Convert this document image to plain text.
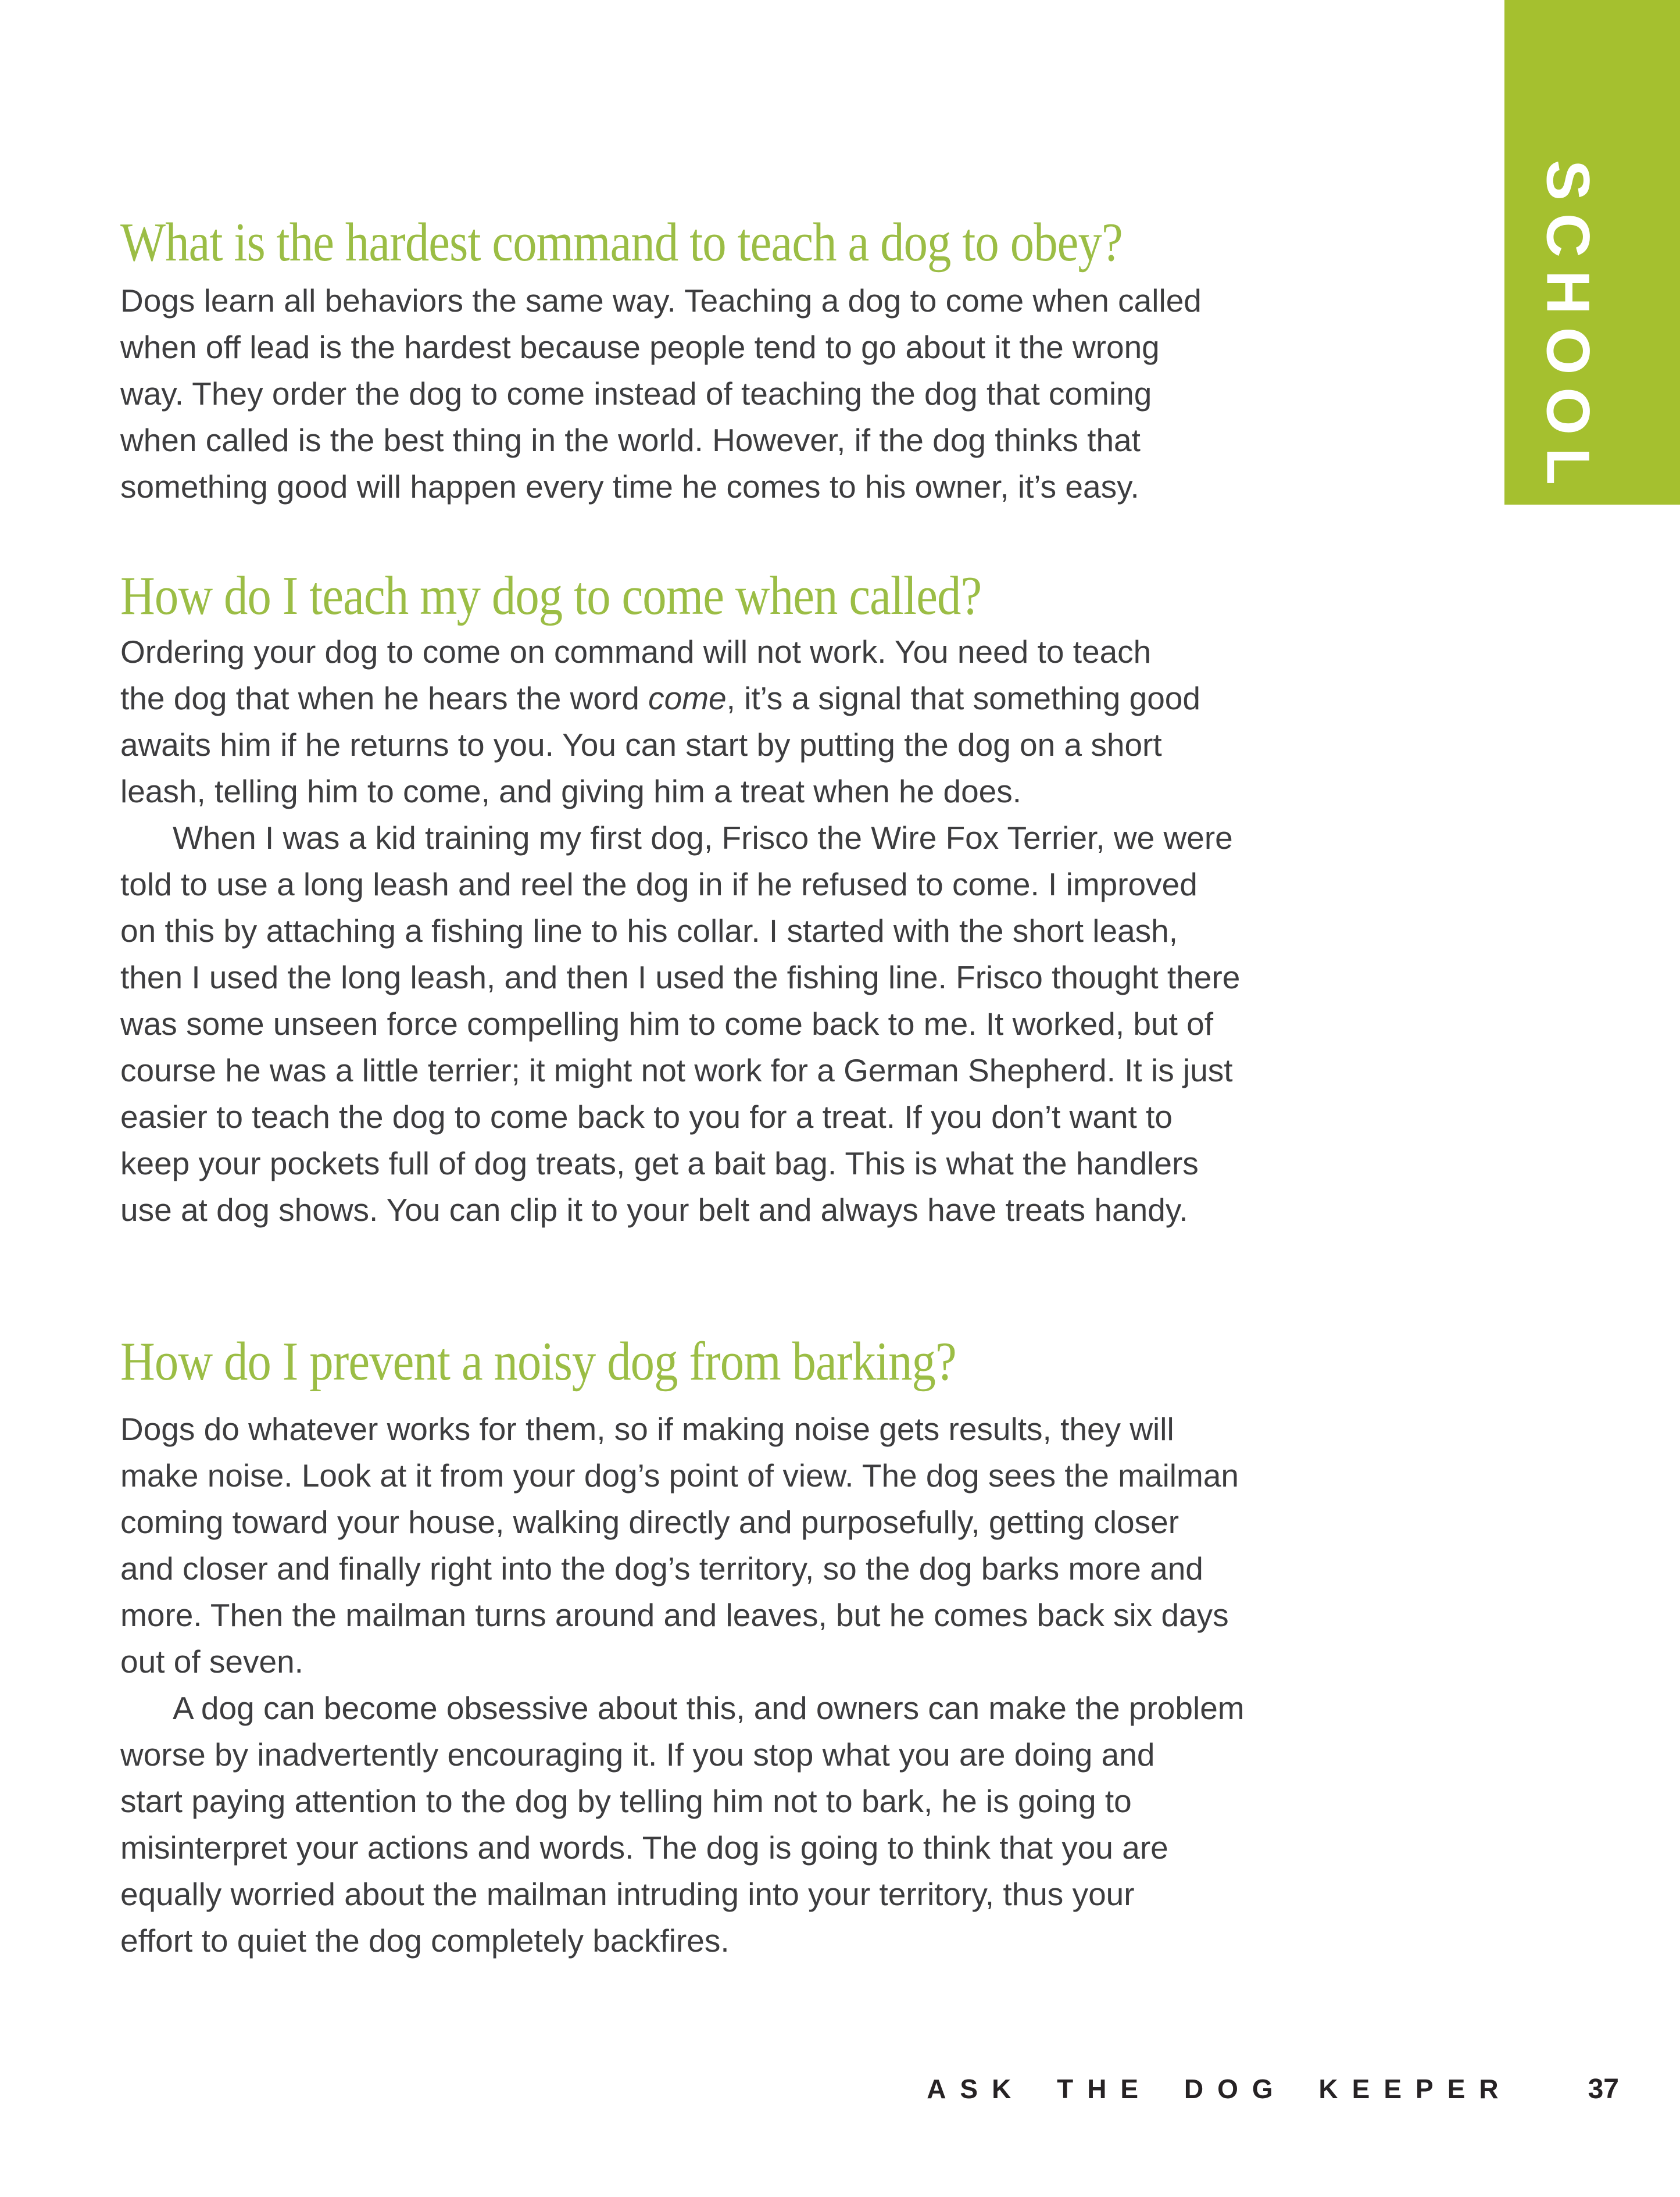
SCHOOL
What is the hardest command to teach a dog to obey?

Dogs learn all behaviors the same way. Teaching a dog to come when called
when off lead is the hardest because people tend to go about it the wrong
way. They order the dog to come instead of teaching the dog that coming
when called is the best thing in the world. However, if the dog thinks that
something good will happen every time he comes to his owner, it’s easy.

How do I teach my dog to come when called?

Ordering your dog to come on command will not work. You need to teach
the dog that when he hears the word come, it’s a signal that something good
awaits him if he returns to you. You can start by putting the dog on a short
leash, telling him to come, and giving him a treat when he does.

When I was a kid training my first dog, Frisco the Wire Fox Terrier, we were
told to use a long leash and reel the dog in if he refused to come. I improved
on this by attaching a fishing line to his collar. I started with the short leash,
then I used the long leash, and then I used the fishing line. Frisco thought there
was some unseen force compelling him to come back to me. It worked, but of
course he was a little terrier; it might not work for a German Shepherd. It is just
easier to teach the dog to come back to you for a treat. If you don’t want to
keep your pockets full of dog treats, get a bait bag. This is what the handlers
use at dog shows. You can clip it to your belt and always have treats handy.

How do I prevent a noisy dog from barking?

Dogs do whatever works for them, so if making noise gets results, they will
make noise. Look at it from your dog’s point of view. The dog sees the mailman
coming toward your house, walking directly and purposefully, getting closer
and closer and finally right into the dog’s territory, so the dog barks more and
more. Then the mailman turns around and leaves, but he comes back six days
out of seven.

A dog can become obsessive about this, and owners can make the problem
worse by inadvertently encouraging it. If you stop what you are doing and
start paying attention to the dog by telling him not to bark, he is going to
misinterpret your actions and words. The dog is going to think that you are
equally worried about the mailman intruding into your territory, thus your
effort to quiet the dog completely backfires.

ASK THE DOG KEEPER	37
